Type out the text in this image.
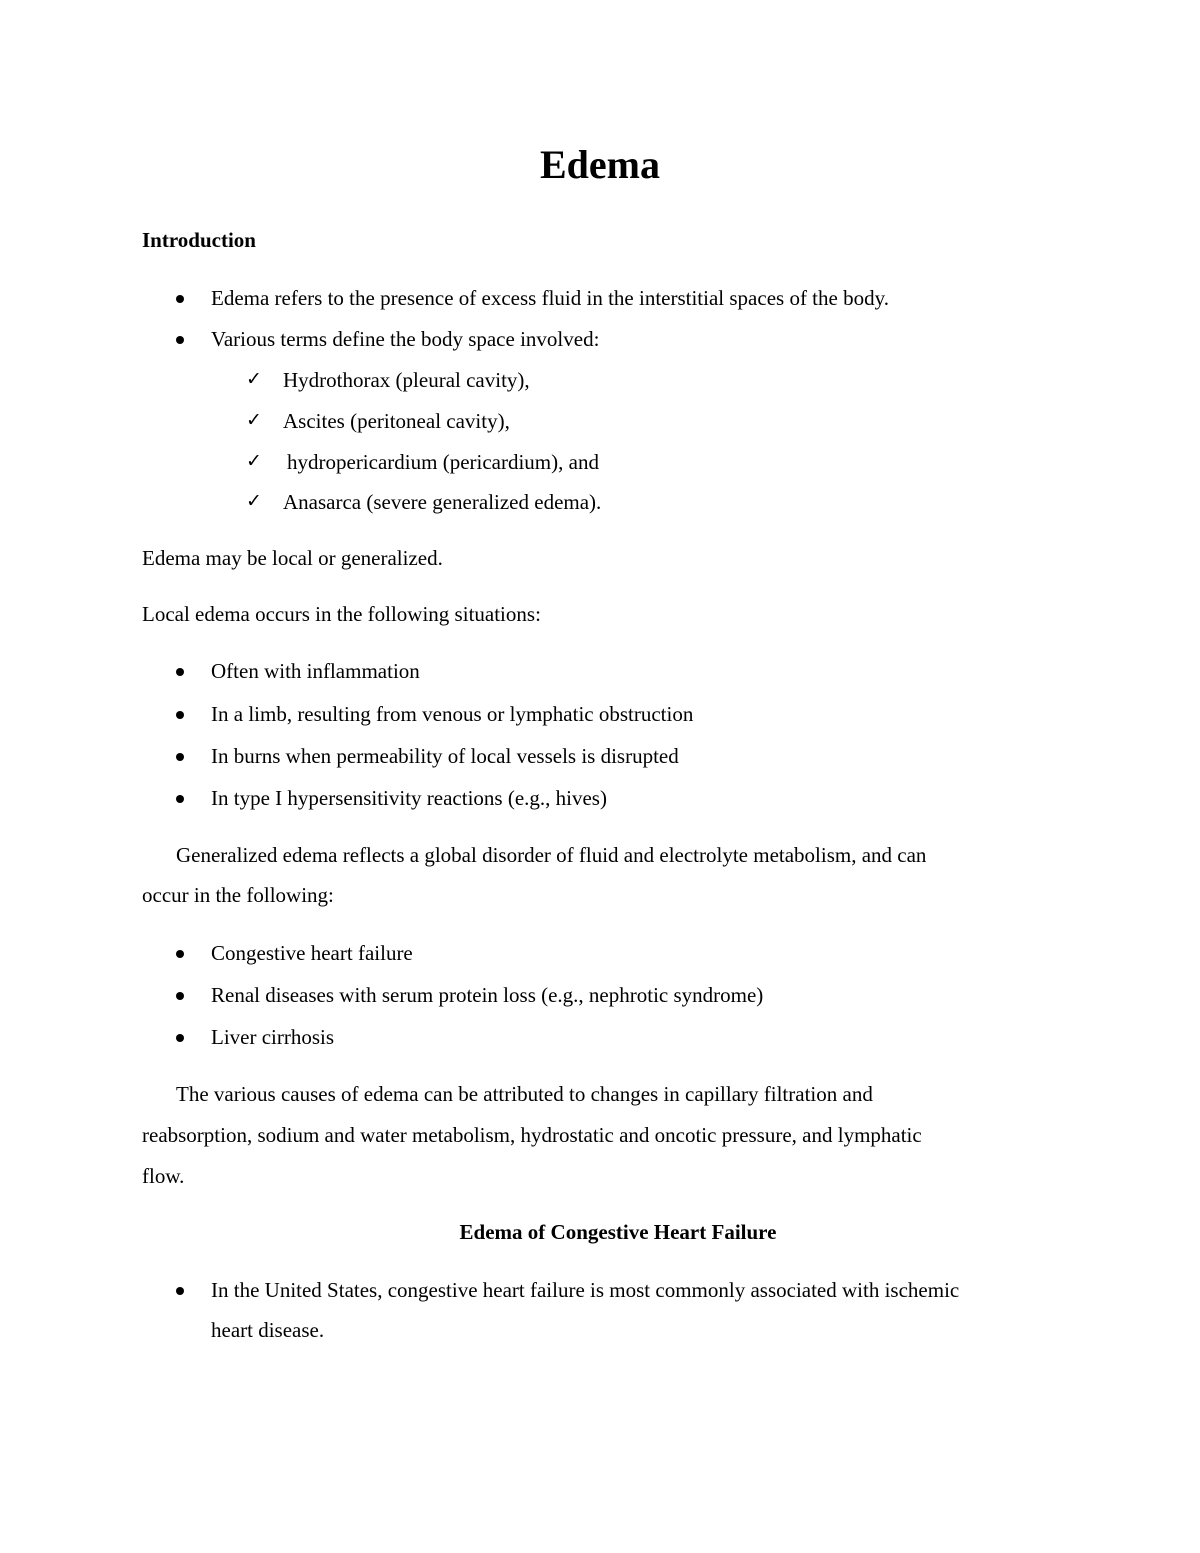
Edema
Introduction
Edema refers to the presence of excess fluid in the interstitial spaces of the body.
Various terms define the body space involved:
✓ Hydrothorax (pleural cavity),
✓ Ascites (peritoneal cavity),
✓ hydropericardium (pericardium), and
✓ Anasarca (severe generalized edema).
Edema may be local or generalized.
Local edema occurs in the following situations:
Often with inflammation
In a limb, resulting from venous or lymphatic obstruction
In burns when permeability of local vessels is disrupted
In type I hypersensitivity reactions (e.g., hives)
Generalized edema reflects a global disorder of fluid and electrolyte metabolism, and can
occur in the following:
Congestive heart failure
Renal diseases with serum protein loss (e.g., nephrotic syndrome)
Liver cirrhosis
The various causes of edema can be attributed to changes in capillary filtration and
reabsorption, sodium and water metabolism, hydrostatic and oncotic pressure, and lymphatic
flow.
Edema of Congestive Heart Failure
In the United States, congestive heart failure is most commonly associated with ischemic
heart disease.
